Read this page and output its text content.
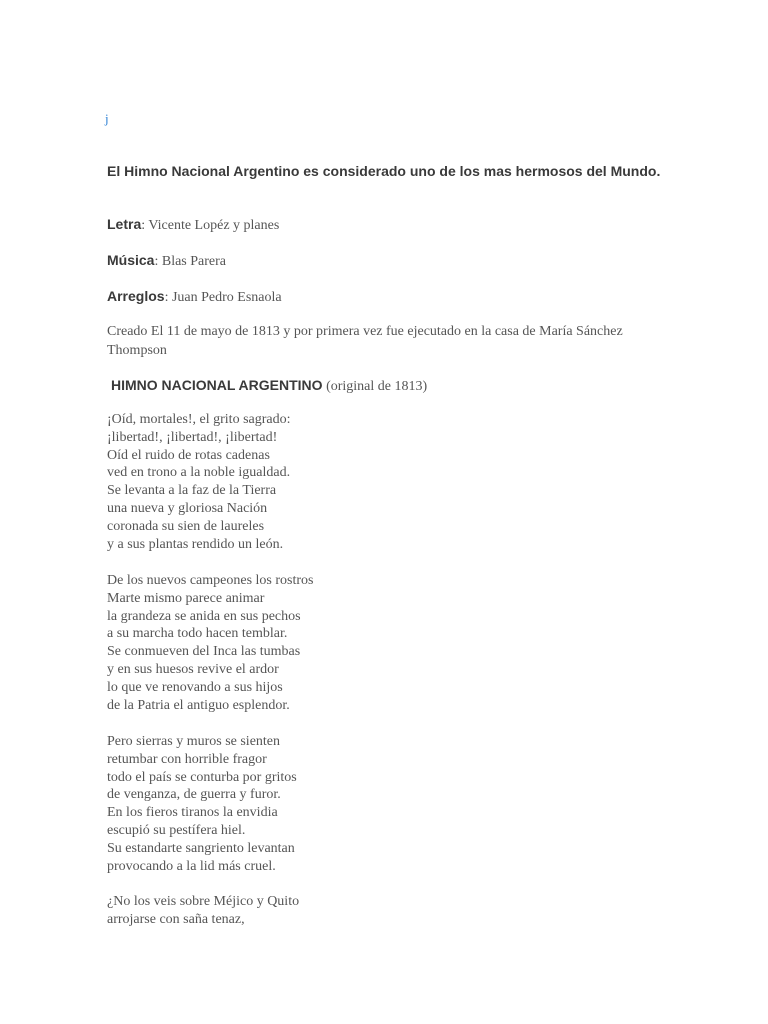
j
El Himno Nacional Argentino es considerado uno de los mas hermosos del Mundo.
Letra: Vicente Lopéz y planes
Música: Blas Parera
Arreglos: Juan Pedro Esnaola
Creado El 11 de mayo de 1813 y por primera vez fue ejecutado en la casa de María Sánchez Thompson
HIMNO NACIONAL ARGENTINO (original de 1813)
¡Oíd, mortales!, el grito sagrado:
¡libertad!, ¡libertad!, ¡libertad!
Oíd el ruido de rotas cadenas
ved en trono a la noble igualdad.
Se levanta a la faz de la Tierra
una nueva y gloriosa Nación
coronada su sien de laureles
y a sus plantas rendido un león.
De los nuevos campeones los rostros
Marte mismo parece animar
la grandeza se anida en sus pechos
a su marcha todo hacen temblar.
Se conmueven del Inca las tumbas
y en sus huesos revive el ardor
lo que ve renovando a sus hijos
de la Patria el antiguo esplendor.
Pero sierras y muros se sienten
retumbar con horrible fragor
todo el país se conturba por gritos
de venganza, de guerra y furor.
En los fieros tiranos la envidia
escupió su pestífera hiel.
Su estandarte sangriento levantan
provocando a la lid más cruel.
¿No los veis sobre Méjico y Quito
arrojarse con saña tenaz,
